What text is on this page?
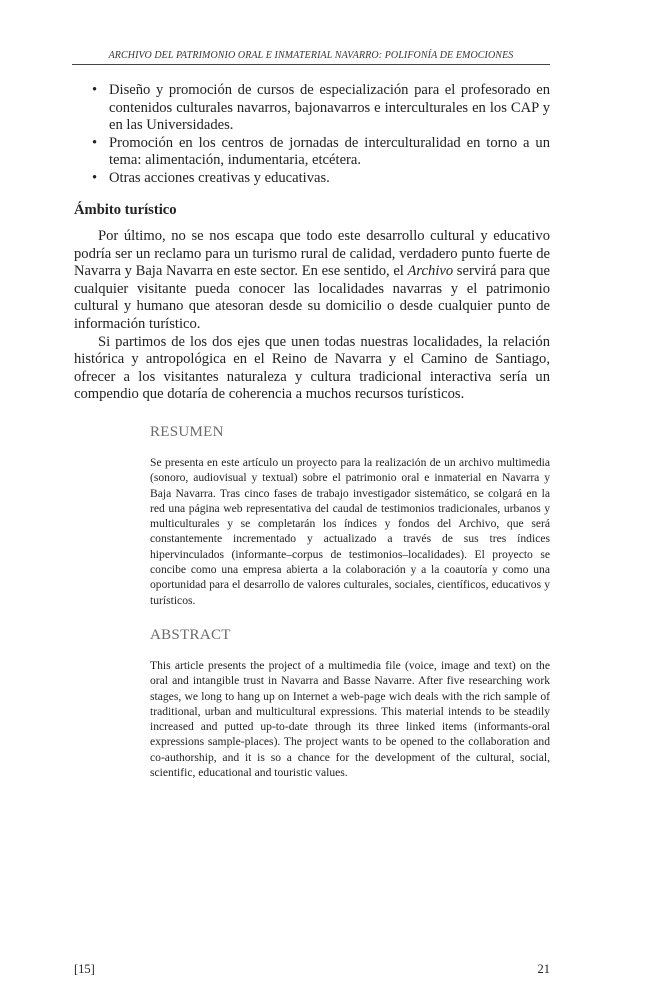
ARCHIVO DEL PATRIMONIO ORAL E INMATERIAL NAVARRO: POLIFONÍA DE EMOCIONES
• Diseño y promoción de cursos de especialización para el profesorado en contenidos culturales navarros, bajonavarros e interculturales en los CAP y en las Universidades.
• Promoción en los centros de jornadas de interculturalidad en torno a un tema: alimentación, indumentaria, etcétera.
• Otras acciones creativas y educativas.
Ámbito turístico

Por último, no se nos escapa que todo este desarrollo cultural y educativo podría ser un reclamo para un turismo rural de calidad, verdadero punto fuerte de Navarra y Baja Navarra en este sector. En ese sentido, el Archivo servirá para que cualquier visitante pueda conocer las localidades navarras y el patrimonio cultural y humano que atesoran desde su domicilio o desde cualquier punto de información turístico.

Si partimos de los dos ejes que unen todas nuestras localidades, la relación histórica y antropológica en el Reino de Navarra y el Camino de Santiago, ofrecer a los visitantes naturaleza y cultura tradicional interactiva sería un compendio que dotaría de coherencia a muchos recursos turísticos.

RESUMEN

Se presenta en este artículo un proyecto para la realización de un archivo multimedia (sonoro, audiovisual y textual) sobre el patrimonio oral e inmaterial en Navarra y Baja Navarra. Tras cinco fases de trabajo investigador sistemático, se colgará en la red una página web representativa del caudal de testimonios tradicionales, urbanos y multiculturales y se completarán los índices y fondos del Archivo, que será constantemente incrementado y actualizado a través de sus tres índices hipervinculados (informante–corpus de testimonios–localidades). El proyecto se concibe como una empresa abierta a la colaboración y a la coautoría y como una oportunidad para el desarrollo de valores culturales, sociales, científicos, educativos y turísticos.

ABSTRACT

This article presents the project of a multimedia file (voice, image and text) on the oral and intangible trust in Navarra and Basse Navarre. After five researching work stages, we long to hang up on Internet a web-page wich deals with the rich sample of traditional, urban and multicultural expressions. This material intends to be steadily increased and putted up-to-date through its three linked items (informants-oral expressions sample-places). The project wants to be opened to the collaboration and co-authorship, and it is so a chance for the development of the cultural, social, scientific, educational and touristic values.

[15]	21
